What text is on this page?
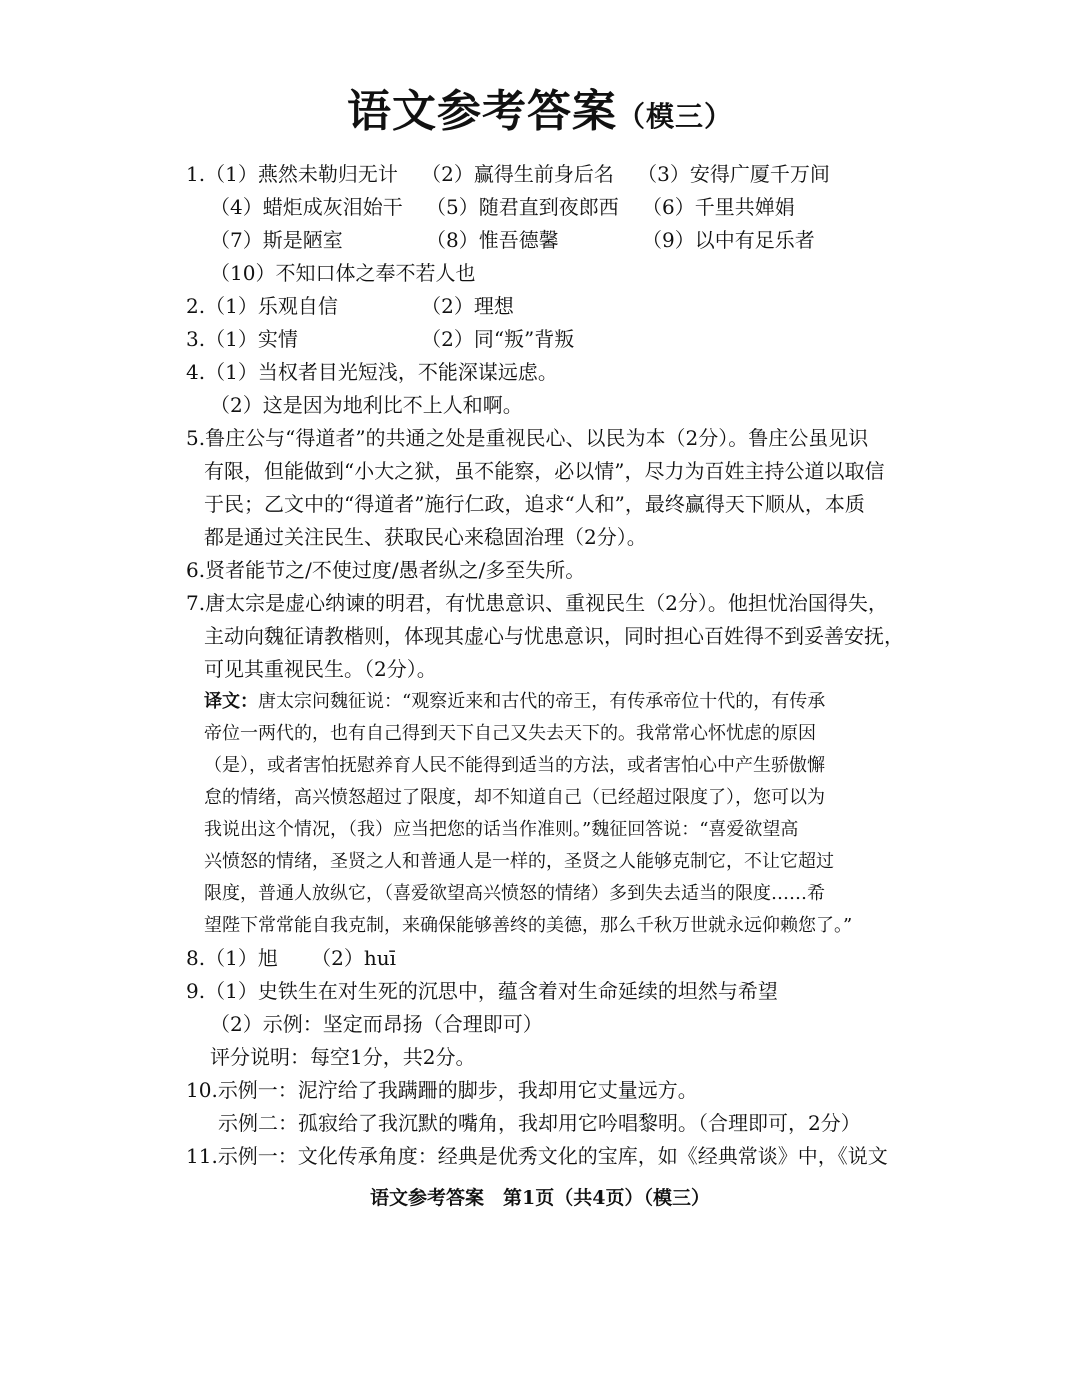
语文参考答案（模三）
1.（1）燕然未勒归无计 （2）赢得生前身后名 （3）安得广厦千万间
（4）蜡炬成灰泪始干 （5）随君直到夜郎西 （6）千里共婵娟
（7）斯是陋室	（8）惟吾德馨	（9）以中有足乐者
（10）不知口体之奉不若人也
2.（1）乐观自信	（2）理想
3.（1）实情	（2）同“叛”背叛
4.（1）当权者目光短浅，不能深谋远虑。
（2）这是因为地利比不上人和啊。
5.鲁庄公与“得道者”的共通之处是重视民心、以民为本（2分）。鲁庄公虽见识
有限，但能做到“小大之狱，虽不能察，必以情”，尽力为百姓主持公道以取信
于民；乙文中的“得道者”施行仁政，追求“人和”，最终赢得天下顺从，本质
都是通过关注民生、获取民心来稳固治理（2分）。
6.贤者能节之/不使过度/愚者纵之/多至失所。
7.唐太宗是虚心纳谏的明君，有忧患意识、重视民生（2分）。他担忧治国得失，
主动向魏征请教楷则，体现其虚心与忧患意识，同时担心百姓得不到妥善安抚，
可见其重视民生。（2分）。
译文：唐太宗问魏征说：“观察近来和古代的帝王，有传承帝位十代的，有传承
帝位一两代的，也有自己得到天下自己又失去天下的。我常常心怀忧虑的原因
（是），或者害怕抚慰养育人民不能得到适当的方法，或者害怕心中产生骄傲懈
怠的情绪，高兴愤怒超过了限度，却不知道自己（已经超过限度了），您可以为
我说出这个情况，（我）应当把您的话当作准则。”魏征回答说：“喜爱欲望高
兴愤怒的情绪，圣贤之人和普通人是一样的，圣贤之人能够克制它，不让它超过
限度，普通人放纵它，（喜爱欲望高兴愤怒的情绪）多到失去适当的限度……希
望陛下常常能自我克制，来确保能够善终的美德，那么千秋万世就永远仰赖您了。”
8.（1）旭 （2）huī
9.（1）史铁生在对生死的沉思中，蕴含着对生命延续的坦然与希望
（2）示例：坚定而昂扬（合理即可）
评分说明：每空1分，共2分。
10.示例一：泥泞给了我蹒跚的脚步，我却用它丈量远方。
示例二：孤寂给了我沉默的嘴角，我却用它吟唱黎明。（合理即可，2分）
11.示例一：文化传承角度：经典是优秀文化的宝库，如《经典常谈》中，《说文
语文参考答案　第1页（共4页）（模三）
